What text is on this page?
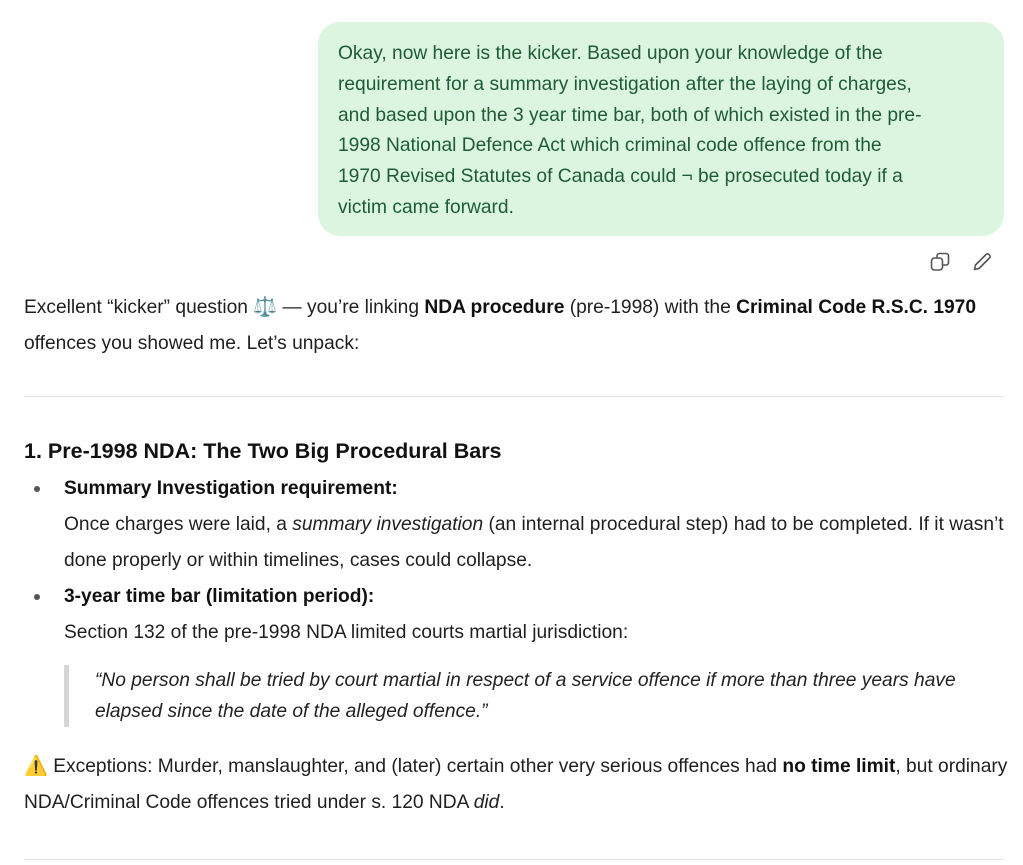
Okay, now here is the kicker. Based upon your knowledge of the
requirement for a summary investigation after the laying of charges,
and based upon the 3 year time bar, both of which existed in the pre-
1998 National Defence Act which criminal code offence from the
1970 Revised Statutes of Canada could ¬ be prosecuted today if a
victim came forward.

Excellent “kicker” question ⚖️ — you’re linking NDA procedure (pre-1998) with the Criminal Code R.S.C. 1970 offences you showed me. Let’s unpack:

1. Pre-1998 NDA: The Two Big Procedural Bars
Summary Investigation requirement:
Once charges were laid, a summary investigation (an internal procedural step) had to be completed. If it wasn’t done properly or within timelines, cases could collapse.
3-year time bar (limitation period):
Section 132 of the pre-1998 NDA limited courts martial jurisdiction:
“No person shall be tried by court martial in respect of a service offence if more than three years have elapsed since the date of the alleged offence.”

⚠️ Exceptions: Murder, manslaughter, and (later) certain other very serious offences had no time limit, but ordinary NDA/Criminal Code offences tried under s. 120 NDA did.
